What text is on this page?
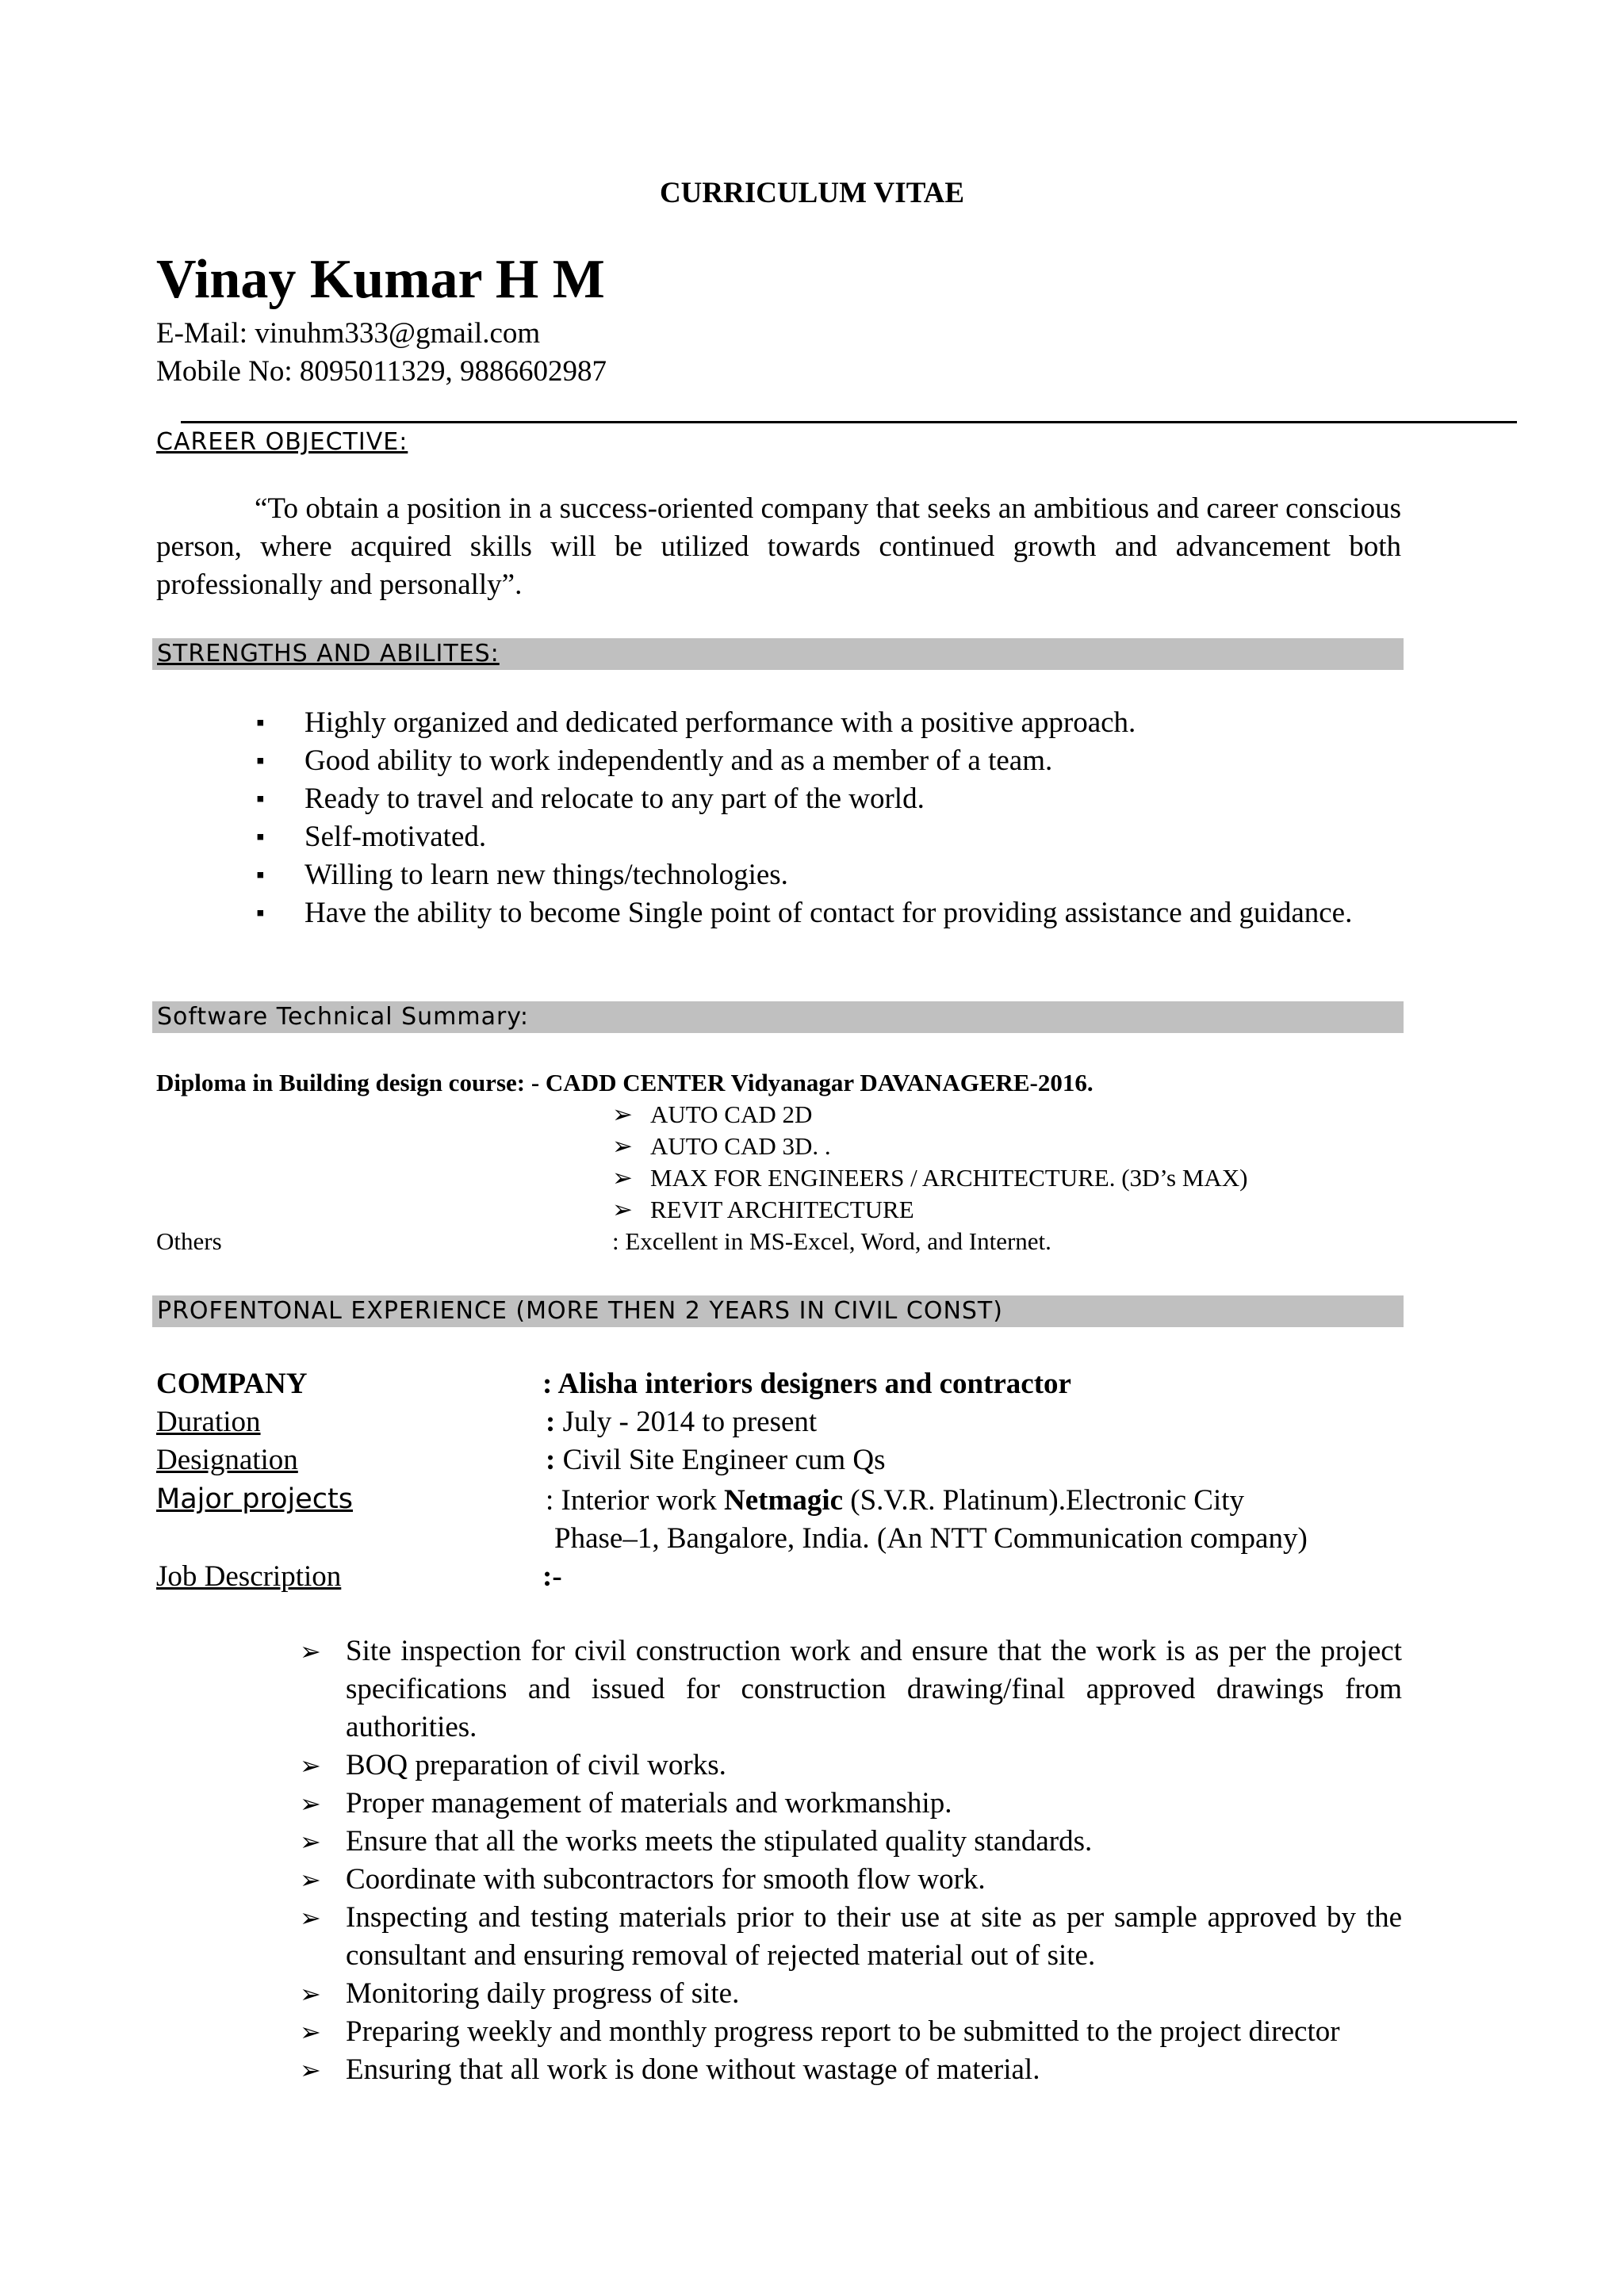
CURRICULUM VITAE
Vinay Kumar H M
E-Mail: vinuhm333@gmail.com
Mobile No: 8095011329, 9886602987
CAREER OBJECTIVE:
“To obtain a position in a success-oriented company that seeks an ambitious and career conscious person, where acquired skills will be utilized towards continued growth and advancement both professionally and personally”.
STRENGTHS AND ABILITES:
▪ Highly organized and dedicated performance with a positive approach.
▪ Good ability to work independently and as a member of a team.
▪ Ready to travel and relocate to any part of the world.
▪ Self-motivated.
▪ Willing to learn new things/technologies.
▪ Have the ability to become Single point of contact for providing assistance and guidance.
Software Technical Summary:
Diploma in Building design course: - CADD CENTER Vidyanagar DAVANAGERE-2016.
➢ AUTO CAD 2D
➢ AUTO CAD 3D. .
➢ MAX FOR ENGINEERS / ARCHITECTURE. (3D’s MAX)
➢ REVIT ARCHITECTURE
Others	: Excellent in MS-Excel, Word, and Internet.
PROFENTONAL EXPERIENCE (MORE THEN 2 YEARS IN CIVIL CONST)
COMPANY	: Alisha interiors designers and contractor
Duration	: July - 2014 to present
Designation	: Civil Site Engineer cum Qs
Major projects	: Interior work Netmagic (S.V.R. Platinum).Electronic City
Phase–1, Bangalore, India. (An NTT Communication company)
Job Description	:-
➢ Site inspection for civil construction work and ensure that the work is as per the project specifications and issued for construction drawing/final approved drawings from authorities.
➢ BOQ preparation of civil works.
➢ Proper management of materials and workmanship.
➢ Ensure that all the works meets the stipulated quality standards.
➢ Coordinate with subcontractors for smooth flow work.
➢ Inspecting and testing materials prior to their use at site as per sample approved by the consultant and ensuring removal of rejected material out of site.
➢ Monitoring daily progress of site.
➢ Preparing weekly and monthly progress report to be submitted to the project director
➢ Ensuring that all work is done without wastage of material.
